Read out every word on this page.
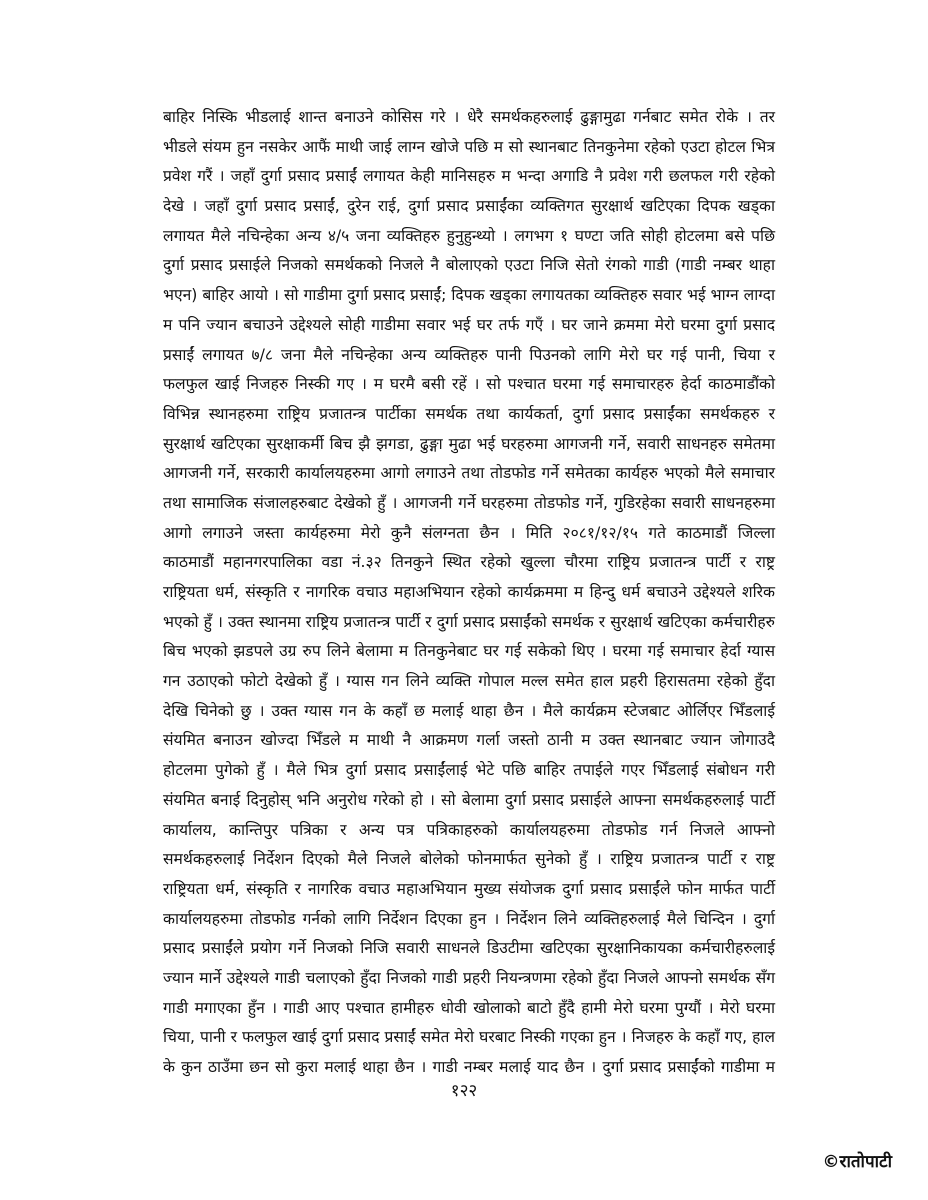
बाहिर निस्कि भीडलाई शान्त बनाउने कोसिस गरे । धेरै समर्थकहरुलाई ढुङ्गामुढा गर्नबाट समेत रोके । तर
भीडले संयम हुन नसकेर आफैं माथी जाई लाग्न खोजे पछि म सो स्थानबाट तिनकुनेमा रहेको एउटा होटल भित्र
प्रवेश गरैं । जहाँ दुर्गा प्रसाद प्रसाईं लगायत केही मानिसहरु म भन्दा अगाडि नै प्रवेश गरी छलफल गरी रहेको
देखे । जहाँ दुर्गा प्रसाद प्रसाईं, दुरेन राई, दुर्गा प्रसाद प्रसाईंका व्यक्तिगत सुरक्षार्थ खटिएका दिपक खड्का
लगायत मैले नचिन्हेका अन्य ४/५ जना व्यक्तिहरु हुनुहुन्थ्यो । लगभग १ घण्टा जति सोही होटलमा बसे पछि
दुर्गा प्रसाद प्रसाईले निजको समर्थकको निजले नै बोलाएको एउटा निजि सेतो रंगको गाडी (गाडी नम्बर थाहा
भएन) बाहिर आयो । सो गाडीमा दुर्गा प्रसाद प्रसाईं; दिपक खड्का लगायतका व्यक्तिहरु सवार भई भाग्न लाग्दा
म पनि ज्यान बचाउने उद्देश्यले सोही गाडीमा सवार भई घर तर्फ गएँ । घर जाने क्रममा मेरो घरमा दुर्गा प्रसाद
प्रसाईं लगायत ७/८ जना मैले नचिन्हेका अन्य व्यक्तिहरु पानी पिउनको लागि मेरो घर गई पानी, चिया र
फलफुल खाई निजहरु निस्की गए । म घरमै बसी रहें । सो पश्चात घरमा गई समाचारहरु हेर्दा काठमाडौंको
विभिन्न स्थानहरुमा राष्ट्रिय प्रजातन्त्र पार्टीका समर्थक तथा कार्यकर्ता, दुर्गा प्रसाद प्रसाईंका समर्थकहरु र
सुरक्षार्थ खटिएका सुरक्षाकर्मी बिच झै झगडा, ढुङ्गा मुढा भई घरहरुमा आगजनी गर्ने, सवारी साधनहरु समेतमा
आगजनी गर्ने, सरकारी कार्यालयहरुमा आगो लगाउने तथा तोडफोड गर्ने समेतका कार्यहरु भएको मैले समाचार
तथा सामाजिक संजालहरुबाट देखेको हुँ । आगजनी गर्ने घरहरुमा तोडफोड गर्ने, गुडिरहेका सवारी साधनहरुमा
आगो लगाउने जस्ता कार्यहरुमा मेरो कुनै संलग्नता छैन । मिति २०८१/१२/१५ गते काठमाडौं जिल्ला
काठमाडौं महानगरपालिका वडा नं.३२ तिनकुने स्थित रहेको खुल्ला चौरमा राष्ट्रिय प्रजातन्त्र पार्टी र राष्ट्र
राष्ट्रियता धर्म, संस्कृति र नागरिक वचाउ महाअभियान रहेको कार्यक्रममा म हिन्दु धर्म बचाउने उद्देश्यले शरिक
भएको हुँ । उक्त स्थानमा राष्ट्रिय प्रजातन्त्र पार्टी र दुर्गा प्रसाद प्रसाईंको समर्थक र सुरक्षार्थ खटिएका कर्मचारीहरु
बिच भएको झडपले उग्र रुप लिने बेलामा म तिनकुनेबाट घर गई सकेको थिए । घरमा गई समाचार हेर्दा ग्यास
गन उठाएको फोटो देखेको हुँ । ग्यास गन लिने व्यक्ति गोपाल मल्ल समेत हाल प्रहरी हिरासतमा रहेको हुँदा
देखि चिनेको छु । उक्त ग्यास गन के कहाँ छ मलाई थाहा छैन । मैले कार्यक्रम स्टेजबाट ओर्लिएर भिँडलाई
संयमित बनाउन खोज्दा भिँडले म माथी नै आक्रमण गर्ला जस्तो ठानी म उक्त स्थानबाट ज्यान जोगाउदै
होटलमा पुगेको हुँ । मैले भित्र दुर्गा प्रसाद प्रसाईंलाई भेटे पछि बाहिर तपाईले गएर भिँडलाई संबोधन गरी
संयमित बनाई दिनुहोस् भनि अनुरोध गरेको हो । सो बेलामा दुर्गा प्रसाद प्रसाईले आफ्ना समर्थकहरुलाई पार्टी
कार्यालय, कान्तिपुर पत्रिका र अन्य पत्र पत्रिकाहरुको कार्यालयहरुमा तोडफोड गर्न निजले आफ्नो
समर्थकहरुलाई निर्देशन दिएको मैले निजले बोलेको फोनमार्फत सुनेको हुँ । राष्ट्रिय प्रजातन्त्र पार्टी र राष्ट्र
राष्ट्रियता धर्म, संस्कृति र नागरिक वचाउ महाअभियान मुख्य संयोजक दुर्गा प्रसाद प्रसाईंले फोन मार्फत पार्टी
कार्यालयहरुमा तोडफोड गर्नको लागि निर्देशन दिएका हुन । निर्देशन लिने व्यक्तिहरुलाई मैले चिन्दिन । दुर्गा
प्रसाद प्रसाईंले प्रयोग गर्ने निजको निजि सवारी साधनले डिउटीमा खटिएका सुरक्षानिकायका कर्मचारीहरुलाई
ज्यान मार्ने उद्देश्यले गाडी चलाएको हुँदा निजको गाडी प्रहरी नियन्त्रणमा रहेको हुँदा निजले आफ्नो समर्थक सँग
गाडी मगाएका हुँन । गाडी आए पश्चात हामीहरु धोवी खोलाको बाटो हुँदै हामी मेरो घरमा पुग्यौं । मेरो घरमा
चिया, पानी र फलफुल खाई दुर्गा प्रसाद प्रसाईं समेत मेरो घरबाट निस्की गएका हुन । निजहरु के कहाँ गए, हाल
के कुन ठाउँमा छन सो कुरा मलाई थाहा छैन । गाडी नम्बर मलाई याद छैन । दुर्गा प्रसाद प्रसाईंको गाडीमा म
१२२
©रातोपाटी
